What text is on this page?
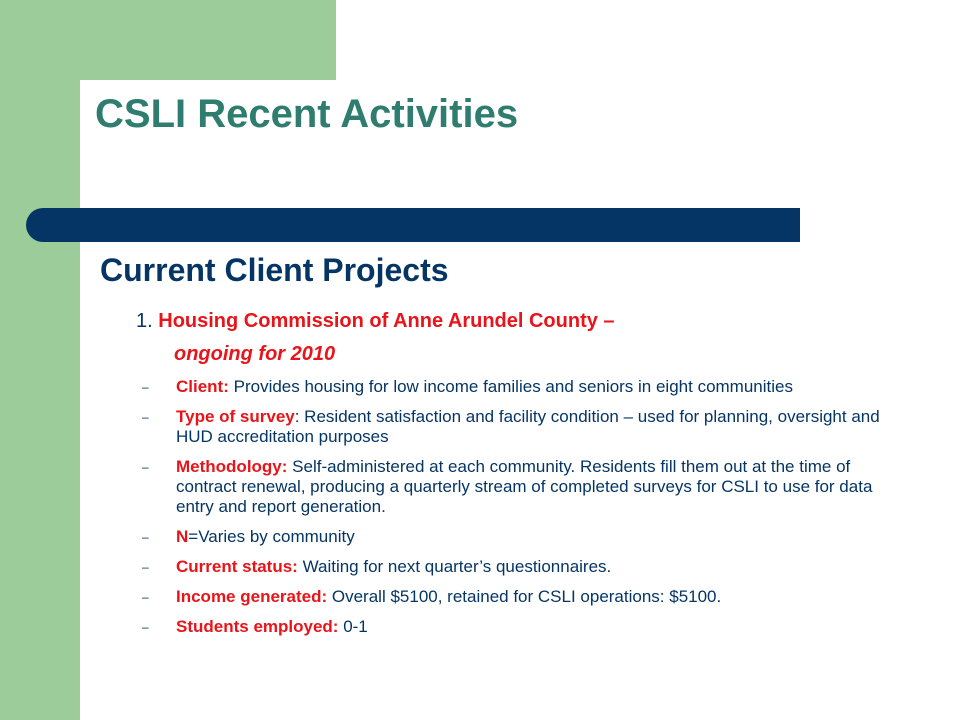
CSLI Recent Activities
Current Client Projects
1. Housing Commission of Anne Arundel County –
ongoing for 2010
– Client: Provides housing for low income families and seniors in eight communities
– Type of survey: Resident satisfaction and facility condition – used for planning, oversight and HUD accreditation purposes
– Methodology: Self-administered at each community. Residents fill them out at the time of contract renewal, producing a quarterly stream of completed surveys for CSLI to use for data entry and report generation.
– N=Varies by community
– Current status: Waiting for next quarter’s questionnaires.
– Income generated: Overall $5100, retained for CSLI operations: $5100.
– Students employed: 0-1
